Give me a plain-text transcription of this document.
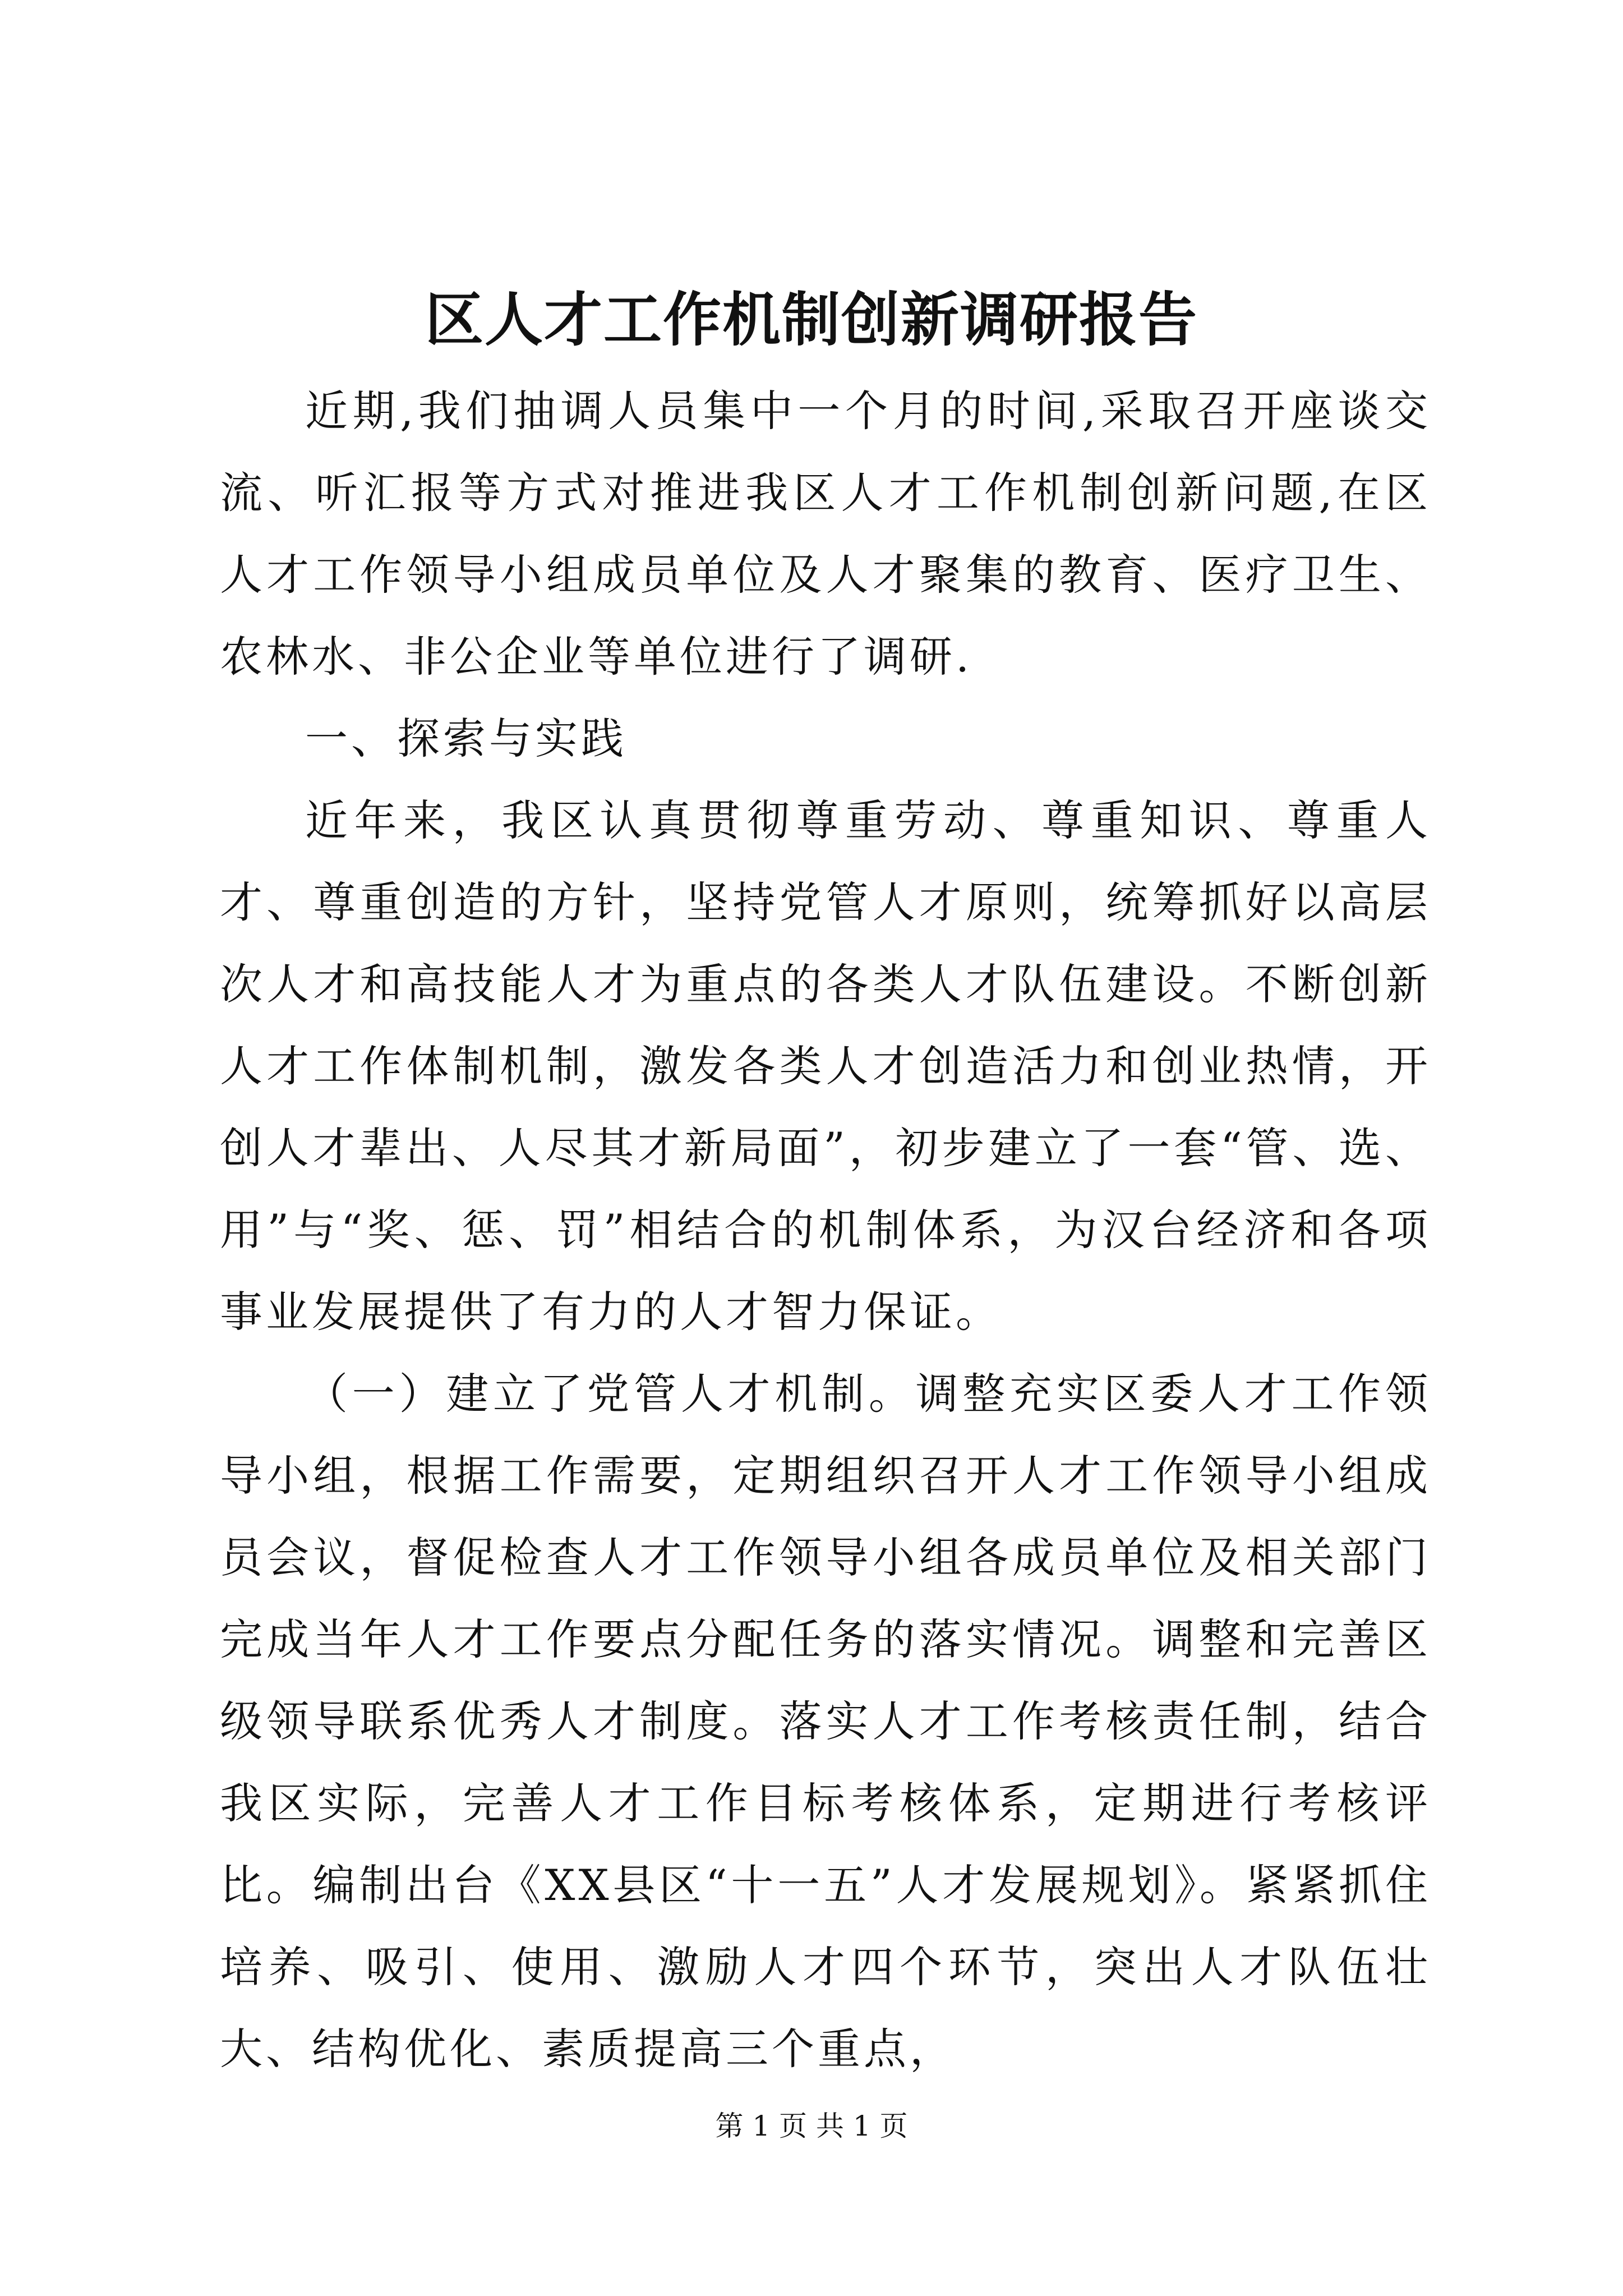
区人才工作机制创新调研报告

近期,我们抽调人员集中一个月的时间,采取召开座谈交流、听汇报等方式对推进我区人才工作机制创新问题,在区人才工作领导小组成员单位及人才聚集的教育、医疗卫生、农林水、非公企业等单位进行了调研.

一、探索与实践

近年来，我区认真贯彻尊重劳动、尊重知识、尊重人才、尊重创造的方针，坚持党管人才原则，统筹抓好以高层次人才和高技能人才为重点的各类人才队伍建设。不断创新人才工作体制机制，激发各类人才创造活力和创业热情，开创人才辈出、人尽其才新局面”，初步建立了一套“管、选、用”与“奖、惩、罚”相结合的机制体系，为汉台经济和各项事业发展提供了有力的人才智力保证。

（一）建立了党管人才机制。调整充实区委人才工作领导小组，根据工作需要，定期组织召开人才工作领导小组成员会议，督促检查人才工作领导小组各成员单位及相关部门完成当年人才工作要点分配任务的落实情况。调整和完善区级领导联系优秀人才制度。落实人才工作考核责任制，结合我区实际，完善人才工作目标考核体系，定期进行考核评比。编制出台《XX县区“十一五”人才发展规划》。紧紧抓住培养、吸引、使用、激励人才四个环节，突出人才队伍壮大、结构优化、素质提高三个重点，

第 1 页 共 1 页
